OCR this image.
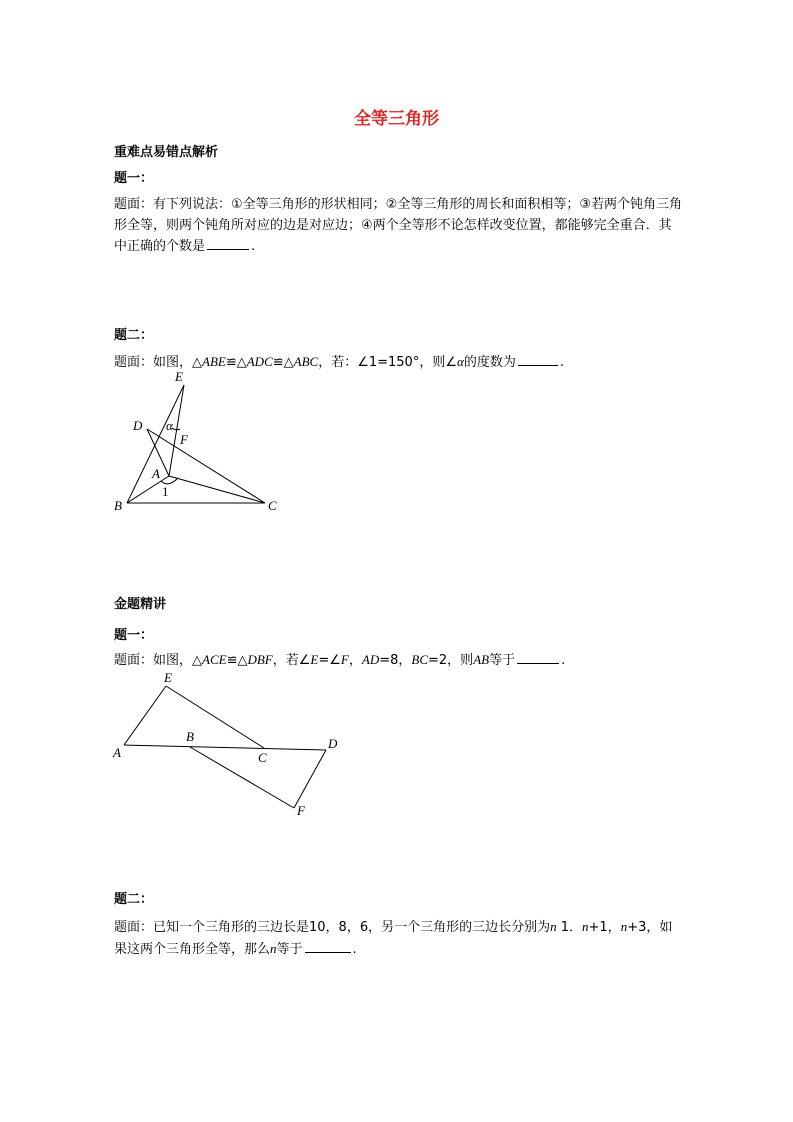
全等三角形
重难点易错点解析
题一：
题面：有下列说法：①全等三角形的形状相同；②全等三角形的周长和面积相等；③若两个钝角三角形全等，则两个钝角所对应的边是对应边；④两个全等形不论怎样改变位置，都能够完全重合．其中正确的个数是	.
题二：
题面：如图，△ABE≌△ADC≌△ABC，若：∠1=150°，则∠α的度数为	.
E
D α
F
A
1
B	C
金题精讲
题一：
题面：如图，△ACE≌△DBF，若∠E=∠F，AD=8，BC=2，则AB等于	.
E
A
B
C
D
F
题二：
题面：已知一个三角形的三边长是10，8，6，另一个三角形的三边长分别为n 1．n+1，n+3，如果这两个三角形全等，那么n等于	.
